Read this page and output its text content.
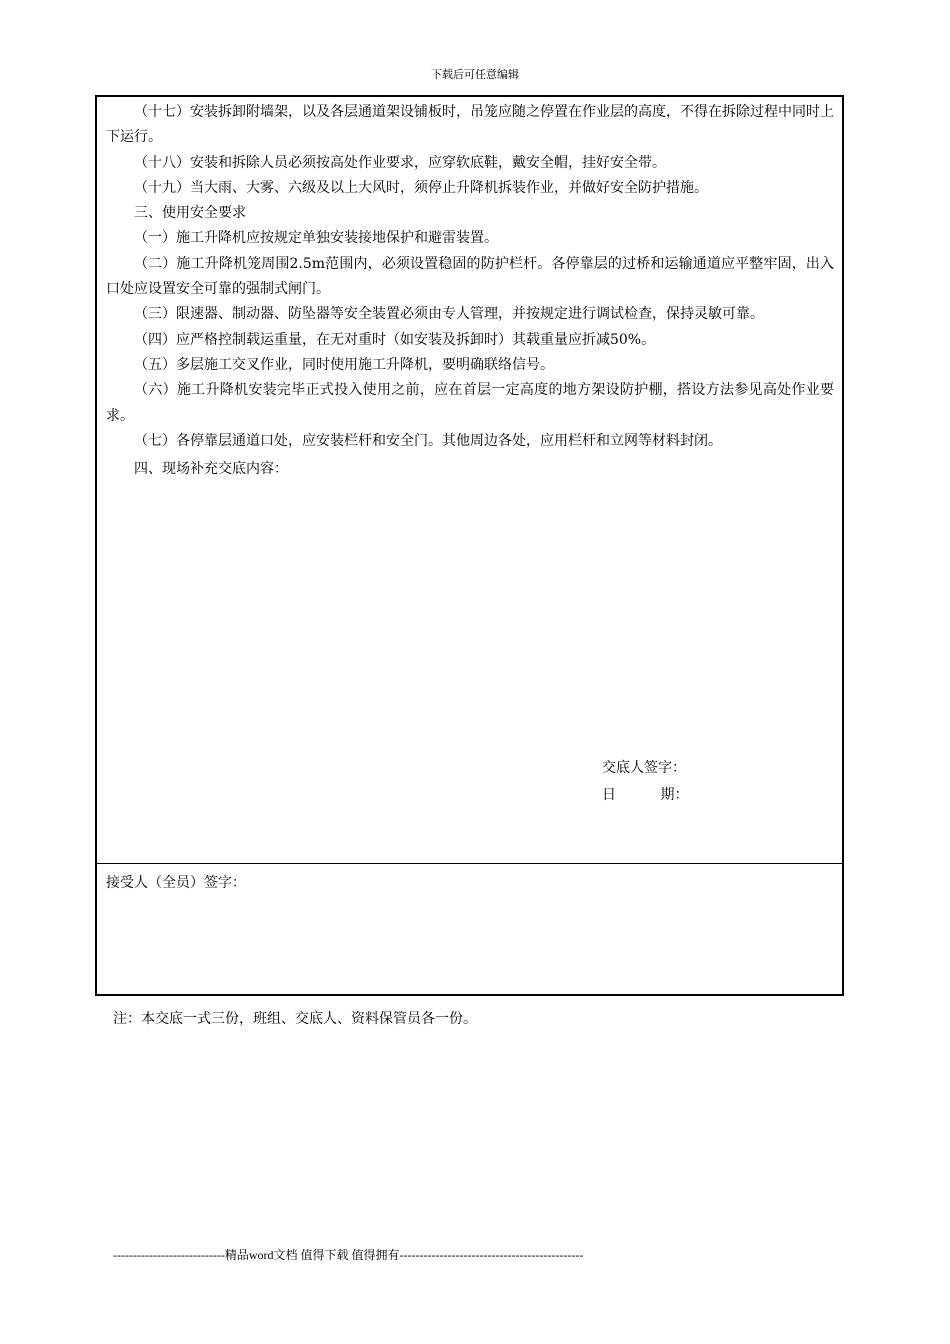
下载后可任意编辑

（十七）安装拆卸附墙架，以及各层通道架设铺板时，吊笼应随之停置在作业层的高度，不得在拆除过程中同时上下运行。

（十八）安装和拆除人员必须按高处作业要求，应穿软底鞋，戴安全帽，挂好安全带。

（十九）当大雨、大雾、六级及以上大风时，须停止升降机拆装作业，并做好安全防护措施。

三、使用安全要求

（一）施工升降机应按规定单独安装接地保护和避雷装置。

（二）施工升降机笼周围2.5m范围内，必须设置稳固的防护栏杆。各停靠层的过桥和运输通道应平整牢固，出入口处应设置安全可靠的强制式闸门。

（三）限速器、制动器、防坠器等安全装置必须由专人管理，并按规定进行调试检查，保持灵敏可靠。

（四）应严格控制载运重量，在无对重时（如安装及拆卸时）其载重量应折减50%。

（五）多层施工交叉作业，同时使用施工升降机，要明确联络信号。

（六）施工升降机安装完毕正式投入使用之前，应在首层一定高度的地方架设防护棚，搭设方法参见高处作业要求。

（七）各停靠层通道口处，应安装栏杆和安全门。其他周边各处，应用栏杆和立网等材料封闭。

四、现场补充交底内容：

交底人签字：
日          期：
接受人（全员）签字：
注：本交底一式三份，班组、交底人、资料保管员各一份。
----------------------------精品word文档 值得下载 值得拥有----------------------------------------------
